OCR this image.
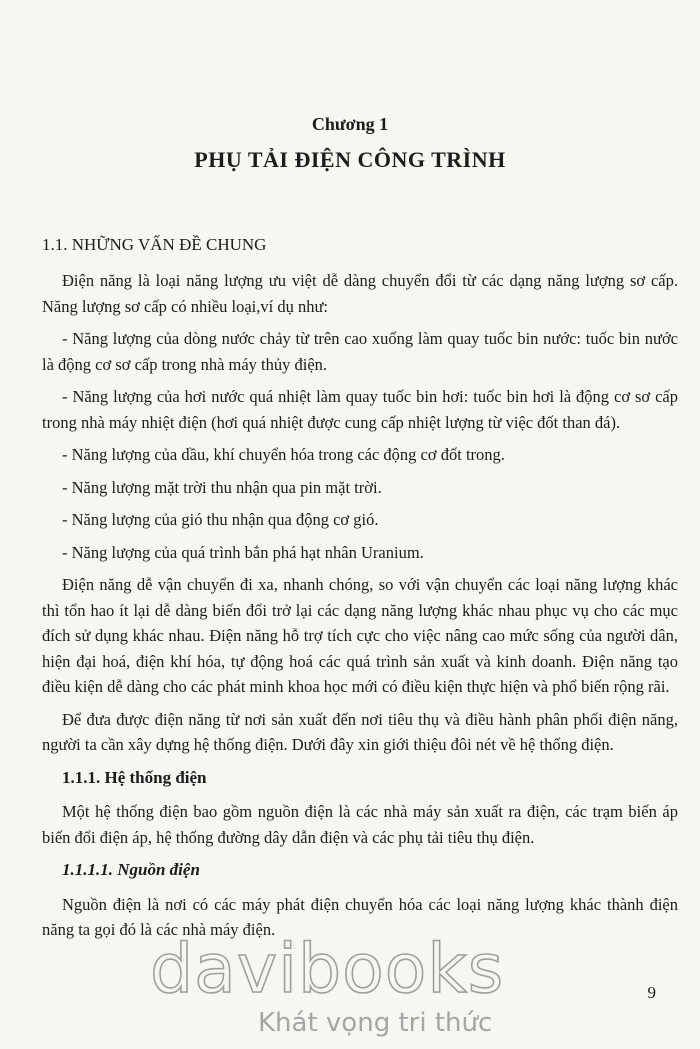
Chương 1
PHỤ TẢI ĐIỆN CÔNG TRÌNH
1.1. NHỮNG VẤN ĐỀ CHUNG

Điện năng là loại năng lượng ưu việt dễ dàng chuyển đổi từ các dạng năng lượng sơ cấp. Năng lượng sơ cấp có nhiều loại,ví dụ như:

- Năng lượng của dòng nước chảy từ trên cao xuống làm quay tuốc bin nước: tuốc bin nước là động cơ sơ cấp trong nhà máy thủy điện.

- Năng lượng của hơi nước quá nhiệt làm quay tuốc bin hơi: tuốc bin hơi là động cơ sơ cấp trong nhà máy nhiệt điện (hơi quá nhiệt được cung cấp nhiệt lượng từ việc đốt than đá).

- Năng lượng của dầu, khí chuyển hóa trong các động cơ đốt trong.

- Năng lượng mặt trời thu nhận qua pin mặt trời.

- Năng lượng của gió thu nhận qua động cơ gió.

- Năng lượng của quá trình bắn phá hạt nhân Uranium.

Điện năng dễ vận chuyển đi xa, nhanh chóng, so với vận chuyển các loại năng lượng khác thì tổn hao ít lại dễ dàng biến đổi trở lại các dạng năng lượng khác nhau phục vụ cho các mục đích sử dụng khác nhau. Điện năng hỗ trợ tích cực cho việc nâng cao mức sống của người dân, hiện đại hoá, điện khí hóa, tự động hoá các quá trình sản xuất và kinh doanh. Điện năng tạo điều kiện dễ dàng cho các phát minh khoa học mới có điều kiện thực hiện và phổ biến rộng rãi.

Để đưa được điện năng từ nơi sản xuất đến nơi tiêu thụ và điều hành phân phối điện năng, người ta cần xây dựng hệ thống điện. Dưới đây xin giới thiệu đôi nét về hệ thống điện.

1.1.1. Hệ thống điện

Một hệ thống điện bao gồm nguồn điện là các nhà máy sản xuất ra điện, các trạm biến áp biến đổi điện áp, hệ thống đường dây dẫn điện và các phụ tải tiêu thụ điện.

1.1.1.1. Nguồn điện

Nguồn điện là nơi có các máy phát điện chuyển hóa các loại năng lượng khác thành điện năng ta gọi đó là các nhà máy điện.

davibooks
Khát vọng tri thức
9
